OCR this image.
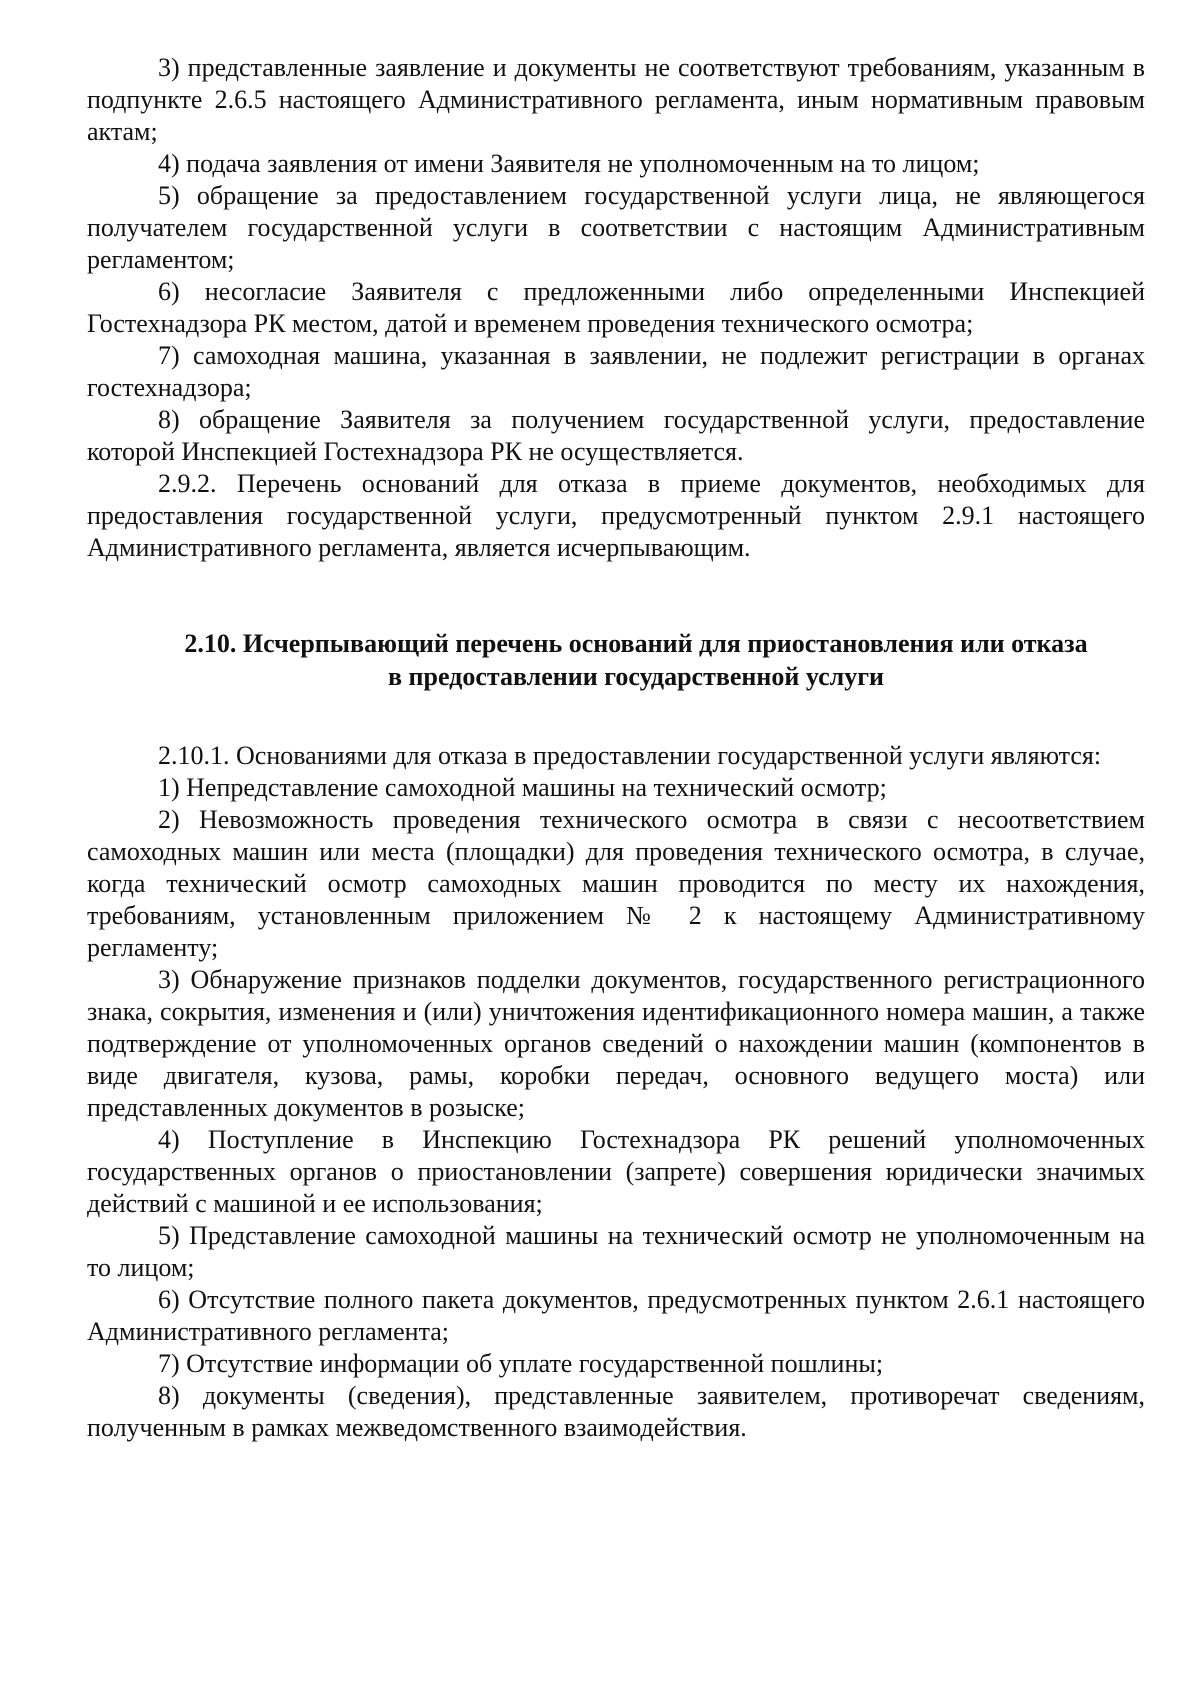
3) представленные заявление и документы не соответствуют требованиям, указанным в подпункте 2.6.5 настоящего Административного регламента, иным нормативным правовым актам;

4) подача заявления от имени Заявителя не уполномоченным на то лицом;

5) обращение за предоставлением государственной услуги лица, не являющегося получателем государственной услуги в соответствии с настоящим Административным регламентом;

6) несогласие Заявителя с предложенными либо определенными Инспекцией Гостехнадзора РК местом, датой и временем проведения технического осмотра;

7) самоходная машина, указанная в заявлении, не подлежит регистрации в органах гостехнадзора;

8) обращение Заявителя за получением государственной услуги, предоставление которой Инспекцией Гостехнадзора РК не осуществляется.

2.9.2. Перечень оснований для отказа в приеме документов, необходимых для предоставления государственной услуги, предусмотренный пунктом 2.9.1 настоящего Административного регламента, является исчерпывающим.

2.10. Исчерпывающий перечень оснований для приостановления или отказа
в предоставлении государственной услуги

2.10.1. Основаниями для отказа в предоставлении государственной услуги являются:

1) Непредставление самоходной машины на технический осмотр;

2) Невозможность проведения технического осмотра в связи с несоответствием самоходных машин или места (площадки) для проведения технического осмотра, в случае, когда технический осмотр самоходных машин проводится по месту их нахождения, требованиям, установленным приложением № 2 к настоящему Административному регламенту;

3) Обнаружение признаков подделки документов, государственного регистрационного знака, сокрытия, изменения и (или) уничтожения идентификационного номера машин, а также подтверждение от уполномоченных органов сведений о нахождении машин (компонентов в виде двигателя, кузова, рамы, коробки передач, основного ведущего моста) или представленных документов в розыске;

4) Поступление в Инспекцию Гостехнадзора РК решений уполномоченных государственных органов о приостановлении (запрете) совершения юридически значимых действий с машиной и ее использования;

5) Представление самоходной машины на технический осмотр не уполномоченным на то лицом;

6) Отсутствие полного пакета документов, предусмотренных пунктом 2.6.1 настоящего Административного регламента;

7) Отсутствие информации об уплате государственной пошлины;

8) документы (сведения), представленные заявителем, противоречат сведениям, полученным в рамках межведомственного взаимодействия.
